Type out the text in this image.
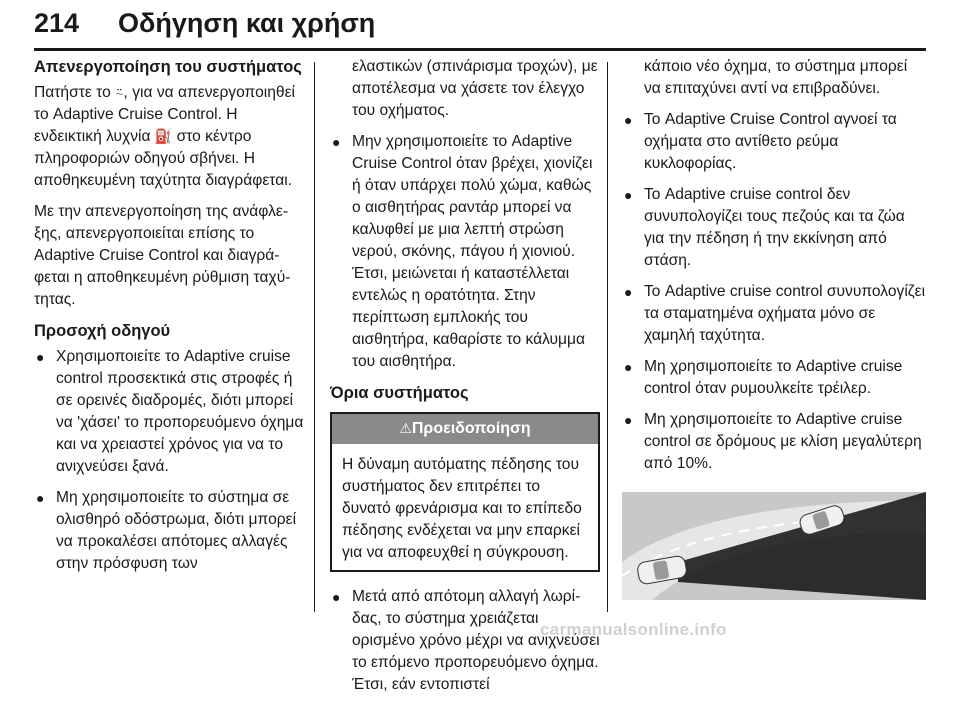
214 Οδήγηση και χρήση
Απενεργοποίηση του συστήματος

Πατήστε το ⍨, για να απενεργοποιηθεί το Adaptive Cruise Control. Η ενδεικτική λυχνία ⛽ στο κέντρο πληροφοριών οδηγού σβήνει. Η αποθηκευμένη ταχύτητα διαγράφεται.

Με την απενεργοποίηση της ανάφλεξης, απενεργοποιείται επίσης το Adaptive Cruise Control και διαγράφεται η αποθηκευμένη ρύθμιση ταχύτητας.

Προσοχή οδηγού
● Χρησιμοποιείτε το Adaptive cruise control προσεκτικά στις στροφές ή σε ορεινές διαδρομές, διότι μπορεί να 'χάσει' το προπορευόμενο όχημα και να χρειαστεί χρόνος για να το ανιχνεύσει ξανά.
● Μη χρησιμοποιείτε το σύστημα σε ολισθηρό οδόστρωμα, διότι μπορεί να προκαλέσει απότομες αλλαγές στην πρόσφυση των
ελαστικών (σπινάρισμα τροχών), με αποτέλεσμα να χάσετε τον έλεγχο του οχήματος.
● Μην χρησιμοποιείτε το Adaptive Cruise Control όταν βρέχει, χιονίζει ή όταν υπάρχει πολύ χώμα, καθώς ο αισθητήρας ραντάρ μπορεί να καλυφθεί με μια λεπτή στρώση νερού, σκόνης, πάγου ή χιονιού. Έτσι, μειώνεται ή καταστέλλεται εντελώς η ορατότητα. Στην περίπτωση εμπλοκής του αισθητήρα, καθαρίστε το κάλυμμα του αισθητήρα.
Όρια συστήματος
⚠Προειδοποίηση

Η δύναμη αυτόματης πέδησης του συστήματος δεν επιτρέπει το δυνατό φρενάρισμα και το επίπεδο πέδησης ενδέχεται να μην επαρκεί για να αποφευχθεί η σύγκρουση.

● Μετά από απότομη αλλαγή λωρίδας, το σύστημα χρειάζεται ορισμένο χρόνο μέχρι να ανιχνεύσει το επόμενο προπορευόμενο όχημα. Έτσι, εάν εντοπιστεί
κάποιο νέο όχημα, το σύστημα μπορεί να επιταχύνει αντί να επιβραδύνει.
● Το Adaptive Cruise Control αγνοεί τα οχήματα στο αντίθετο ρεύμα κυκλοφορίας.
● Το Adaptive cruise control δεν συνυπολογίζει τους πεζούς και τα ζώα για την πέδηση ή την εκκίνηση από στάση.
● Το Adaptive cruise control συνυπολογίζει τα σταματημένα οχήματα μόνο σε χαμηλή ταχύτητα.
● Μη χρησιμοποιείτε το Adaptive cruise control όταν ρυμουλκείτε τρέιλερ.
● Μη χρησιμοποιείτε το Adaptive cruise control σε δρόμους με κλίση μεγαλύτερη από 10%.
carmanualsonline.info
